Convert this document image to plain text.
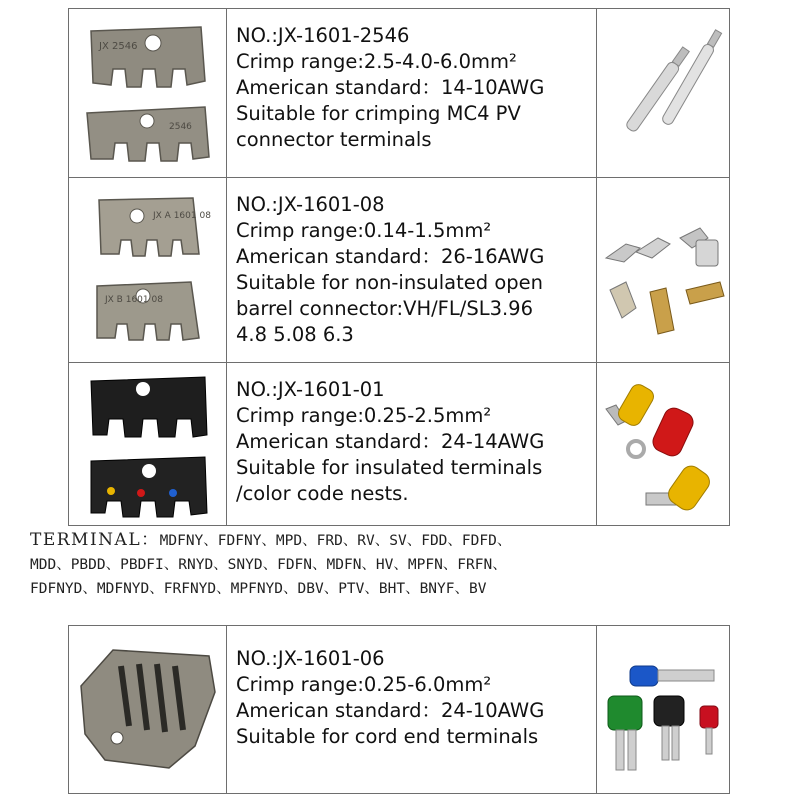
JX 2546
2546
NO.:JX-1601-2546
Crimp range:2.5-4.0-6.0mm²
American standard：14-10AWG
Suitable for crimping MC4 PV
connector terminals
JX A 1601 08
JX B 1601 08
NO.:JX-1601-08
Crimp range:0.14-1.5mm²
American standard：26-16AWG
Suitable for non-insulated open
barrel connector:VH/FL/SL3.96
4.8 5.08 6.3
NO.:JX-1601-01
Crimp range:0.25-2.5mm²
American standard：24-14AWG
Suitable for insulated terminals
/color code nests.
NO.:JX-1601-06
Crimp range:0.25-6.0mm²
American standard：24-10AWG
Suitable for cord end terminals
TERMINAL：MDFNY、FDFNY、MPD、FRD、RV、SV、FDD、FDFD、
MDD、PBDD、PBDFI、RNYD、SNYD、FDFN、MDFN、HV、MPFN、FRFN、
FDFNYD、MDFNYD、FRFNYD、MPFNYD、DBV、PTV、BHT、BNYF、BV
